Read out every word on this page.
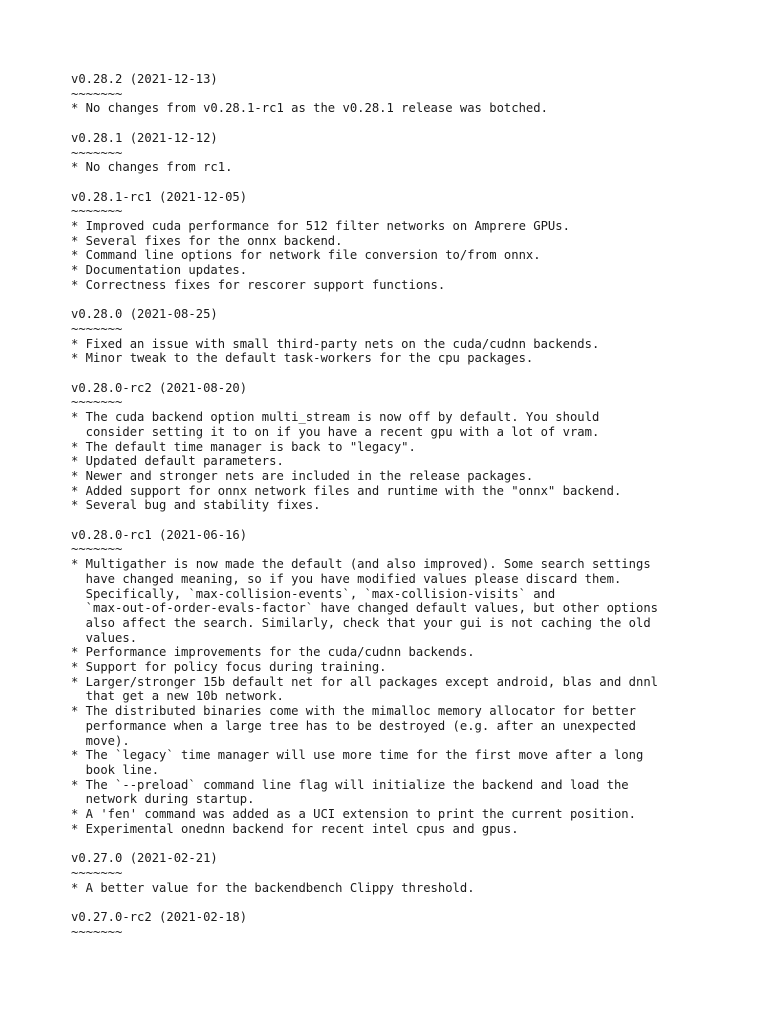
v0.28.2 (2021-12-13)
~~~~~~~
* No changes from v0.28.1-rc1 as the v0.28.1 release was botched.
v0.28.1 (2021-12-12)
~~~~~~~
* No changes from rc1.
v0.28.1-rc1 (2021-12-05)
~~~~~~~
* Improved cuda performance for 512 filter networks on Amprere GPUs.
* Several fixes for the onnx backend.
* Command line options for network file conversion to/from onnx.
* Documentation updates.
* Correctness fixes for rescorer support functions.
v0.28.0 (2021-08-25)
~~~~~~~
* Fixed an issue with small third-party nets on the cuda/cudnn backends.
* Minor tweak to the default task-workers for the cpu packages.
v0.28.0-rc2 (2021-08-20)
~~~~~~~
* The cuda backend option multi_stream is now off by default. You should
consider setting it to on if you have a recent gpu with a lot of vram.
* The default time manager is back to "legacy".
* Updated default parameters.
* Newer and stronger nets are included in the release packages.
* Added support for onnx network files and runtime with the "onnx" backend.
* Several bug and stability fixes.
v0.28.0-rc1 (2021-06-16)
~~~~~~~
* Multigather is now made the default (and also improved). Some search settings
have changed meaning, so if you have modified values please discard them.
Specifically, `max-collision-events`, `max-collision-visits` and
`max-out-of-order-evals-factor` have changed default values, but other options
also affect the search. Similarly, check that your gui is not caching the old
values.
* Performance improvements for the cuda/cudnn backends.
* Support for policy focus during training.
* Larger/stronger 15b default net for all packages except android, blas and dnnl
that get a new 10b network.
* The distributed binaries come with the mimalloc memory allocator for better
performance when a large tree has to be destroyed (e.g. after an unexpected
move).
* The `legacy` time manager will use more time for the first move after a long
book line.
* The `--preload` command line flag will initialize the backend and load the
network during startup.
* A 'fen' command was added as a UCI extension to print the current position.
* Experimental onednn backend for recent intel cpus and gpus.
v0.27.0 (2021-02-21)
~~~~~~~
* A better value for the backendbench Clippy threshold.
v0.27.0-rc2 (2021-02-18)
~~~~~~~
